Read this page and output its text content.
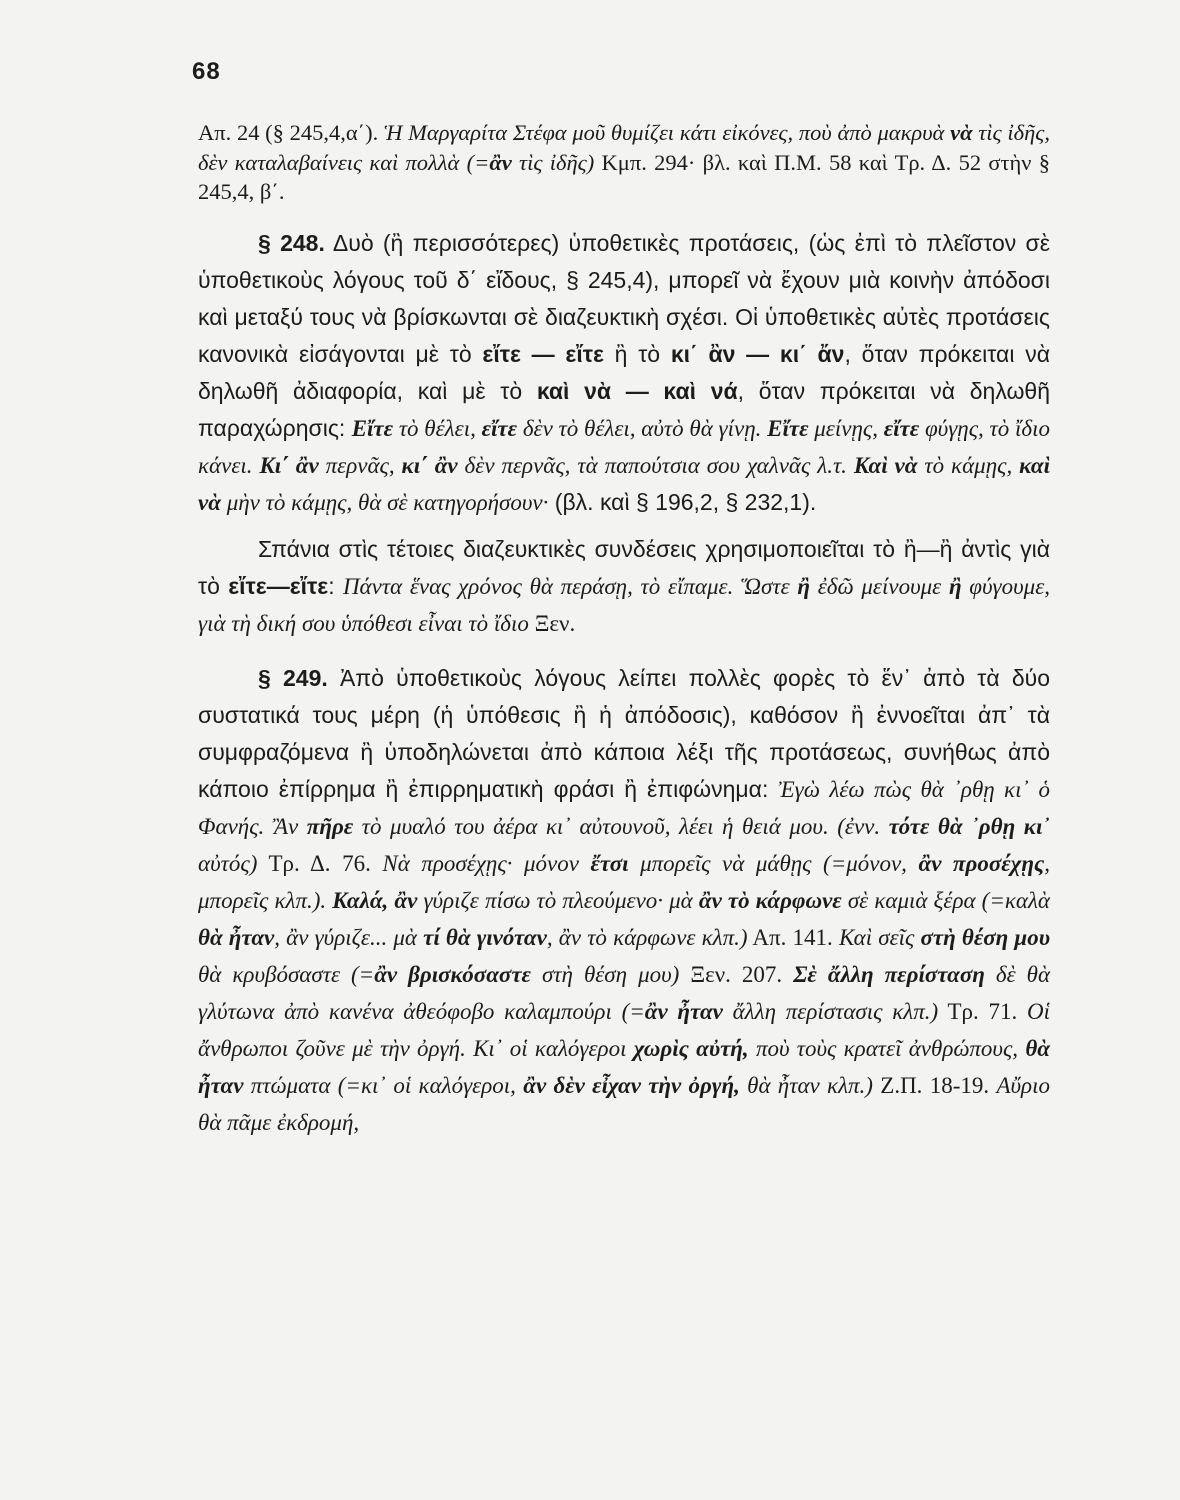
68

Απ. 24 (§ 245,4,α΄). Ἡ Μαργαρίτα Στέφα μοῦ θυμίζει κάτι εἰκόνες, ποὺ ἀπὸ μακρυὰ νὰ τὶς ἰδῆς, δὲν καταλαβαίνεις καὶ πολλὰ (=ἂν τὶς ἰδῆς) Κμπ. 294· βλ. καὶ Π.Μ. 58 καὶ Τρ. Δ. 52 στὴν § 245,4, β΄.

§ 248. Δυὸ (ἢ περισσότερες) ὑποθετικὲς προτάσεις, (ὡς ἐπὶ τὸ πλεῖστον σὲ ὑποθετικοὺς λόγους τοῦ δ΄ εἴδους, § 245,4), μπορεῖ νὰ ἔχουν μιὰ κοινὴν ἀπόδοσι καὶ μεταξύ τους νὰ βρίσκωνται σὲ διαζευκτικὴ σχέσι. Οἱ ὑποθετικὲς αὐτὲς προτάσεις κανονικὰ εἰσάγονται μὲ τὸ εἴτε — εἴτε ἢ τὸ κι΄ ἂν — κι΄ ἄν, ὅταν πρόκειται νὰ δηλωθῆ ἀδιαφορία, καὶ μὲ τὸ καὶ νὰ — καὶ νά, ὅταν πρόκειται νὰ δηλωθῆ παραχώρησις: Εἴτε τὸ θέλει, εἴτε δὲν τὸ θέλει, αὐτὸ θὰ γίνῃ. Εἴτε μείνῃς, εἴτε φύγῃς, τὸ ἴδιο κάνει. Κι΄ ἂν περνᾶς, κι΄ ἂν δὲν περνᾶς, τὰ παπούτσια σου χαλνᾶς λ.τ. Καὶ νὰ τὸ κάμῃς, καὶ νὰ μὴν τὸ κάμῃς, θὰ σὲ κατηγορήσουν· (βλ. καὶ § 196,2, § 232,1).

Σπάνια στὶς τέτοιες διαζευκτικὲς συνδέσεις χρησιμοποιεῖται τὸ ἢ—ἢ ἀντὶς γιὰ τὸ εἴτε—εἴτε: Πάντα ἕνας χρόνος θὰ περάσῃ, τὸ εἴπαμε. Ὥστε ἢ ἐδῶ μείνουμε ἢ φύγουμε, γιὰ τὴ δική σου ὑπόθεσι εἶναι τὸ ἴδιο Ξεν.

§ 249. Ἀπὸ ὑποθετικοὺς λόγους λείπει πολλὲς φορὲς τὸ ἕν᾿ ἀπὸ τὰ δύο συστατικά τους μέρη (ἡ ὑπόθεσις ἢ ἡ ἀπόδοσις), καθόσον ἢ ἐννοεῖται ἀπ᾿ τὰ συμφραζόμενα ἢ ὑποδηλώνεται ἀπὸ κάποια λέξι τῆς προτάσεως, συνήθως ἀπὸ κάποιο ἐπίρρημα ἢ ἐπιρρηματικὴ φράσι ἢ ἐπιφώνημα: Ἐγὼ λέω πὼς θὰ ᾿ρθῃ κι᾿ ὁ Φανής. Ἂν πῆρε τὸ μυαλό του ἀέρα κι᾿ αὐτουνοῦ, λέει ἡ θειά μου. (ἐνν. τότε θὰ ᾿ρθῃ κι᾿ αὐτός) Τρ. Δ. 76. Νὰ προσέχῃς· μόνον ἔτσι μπορεῖς νὰ μάθῃς (=μόνον, ἂν προσέχῃς, μπορεῖς κλπ.). Καλά, ἂν γύριζε πίσω τὸ πλεούμενο· μὰ ἂν τὸ κάρφωνε σὲ καμιὰ ξέρα (=καλὰ θὰ ἦταν, ἂν γύριζε... μὰ τί θὰ γινόταν, ἂν τὸ κάρφωνε κλπ.) Απ. 141. Καὶ σεῖς στὴ θέση μου θὰ κρυβόσαστε (=ἂν βρισκόσαστε στὴ θέση μου) Ξεν. 207. Σὲ ἄλλη περίσταση δὲ θὰ γλύτωνα ἀπὸ κανένα ἀθεόφοβο καλαμπούρι (=ἂν ἦταν ἄλλη περίστασις κλπ.) Τρ. 71. Οἱ ἄνθρωποι ζοῦνε μὲ τὴν ὀργή. Κι᾿ οἱ καλόγεροι χωρὶς αὐτή, ποὺ τοὺς κρατεῖ ἀνθρώπους, θὰ ἦταν πτώματα (=κι᾿ οἱ καλόγεροι, ἂν δὲν εἶχαν τὴν ὀργή, θὰ ἦταν κλπ.) Ζ.Π. 18-19. Αὔριο θὰ πᾶμε ἐκδρομή,
